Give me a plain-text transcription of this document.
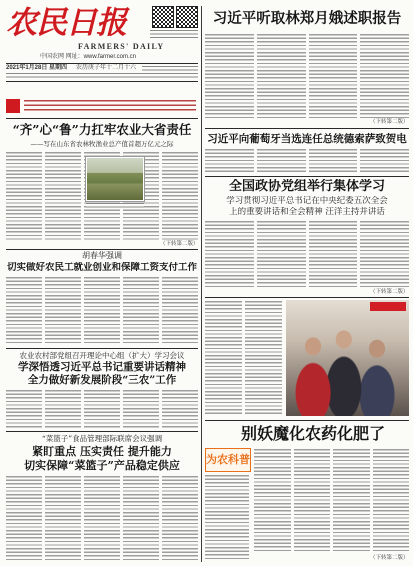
农民日报
FARMERS' DAILY
中国农网 网址：www.farmer.com.cn
2021年1月28日 星期四 农历庚子年十二月十六
“齐”心“鲁”力扛牢农业大省责任
——写在山东省农林牧渔业总产值首超万亿元之际
（下转第二版）
胡春华强调
切实做好农民工就业创业和保障工资支付工作
农业农村部党组召开理论中心组（扩大）学习会议
学深悟透习近平总书记重要讲话精神
全力做好新发展阶段“三农”工作
“菜篮子”食品管理部际联席会议强调
紧盯重点 压实责任 提升能力
切实保障“菜篮子”产品稳定供应
习近平听取林郑月娥述职报告
（下转第二版）
习近平向葡萄牙当选连任总统德索萨致贺电
全国政协党组举行集体学习
学习贯彻习近平总书记在中央纪委五次全会
上的重要讲话和全会精神 汪洋主持并讲话
（下转第二版）
别妖魔化农药化肥了
为农科普
（下转第二版）
